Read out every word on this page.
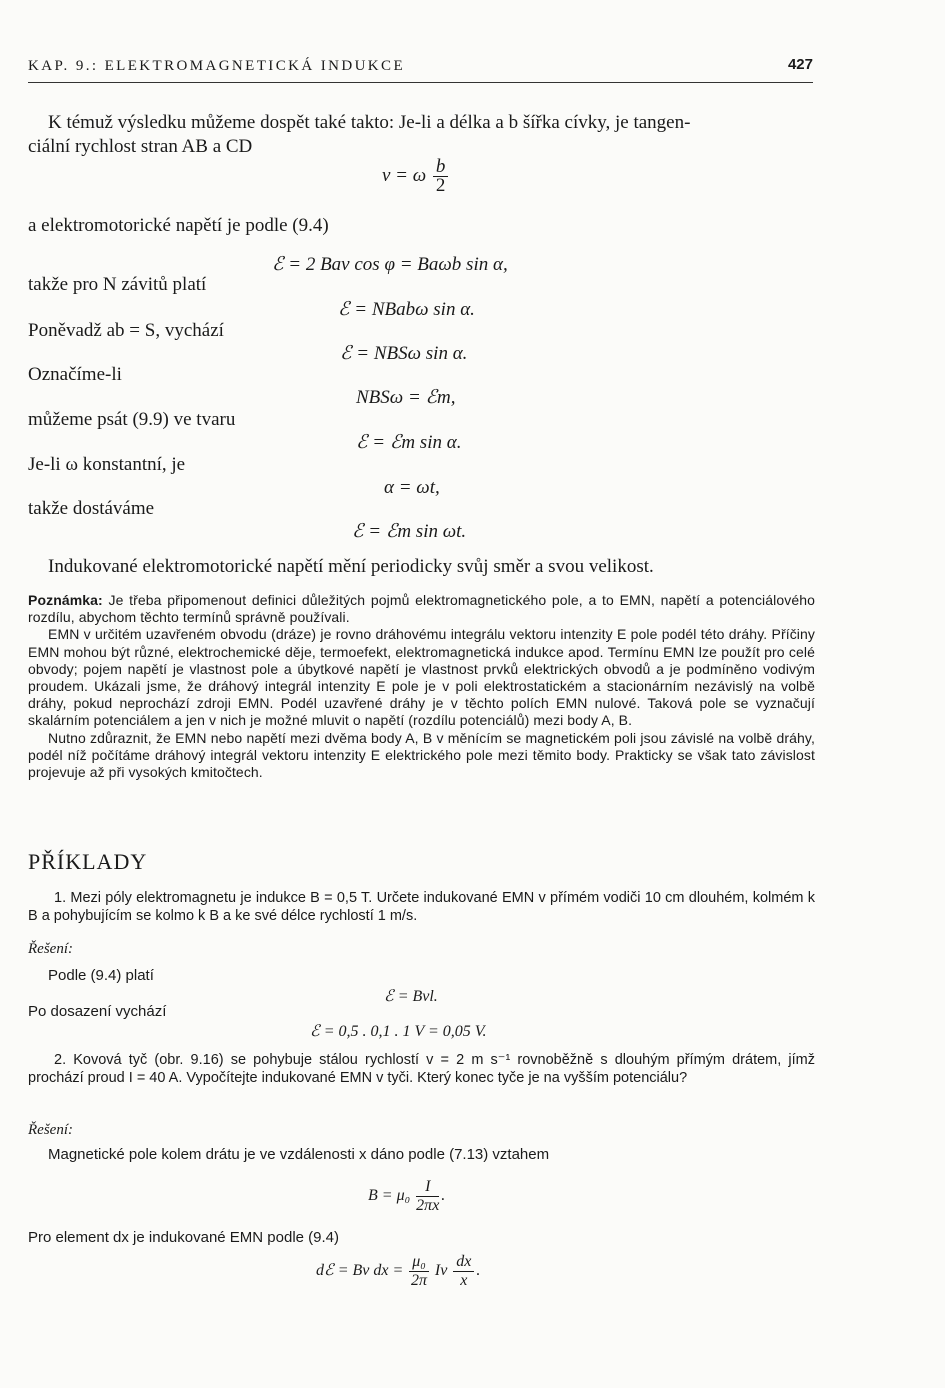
KAP. 9.: ELEKTROMAGNETICKÁ INDUKCE	427
K témuž výsledku můžeme dospět také takto: Je-li a délka a b šířka cívky, je tangen-
ciální rychlost stran AB a CD
v = ω $\frac{b}{2}$
a elektromotorické napětí je podle (9.4)
ℰ = 2 Bav cos φ = Baωb sin α,
takže pro N závitů platí
ℰ = NBabω sin α.
Poněvadž ab = S, vychází
ℰ = NBSω sin α.
Označíme-li
NBSω = ℰm,
můžeme psát (9.9) ve tvaru
ℰ = ℰm sin α.
Je-li ω konstantní, je
α = ωt,
takže dostáváme
ℰ = ℰm sin ωt.
Indukované elektromotorické napětí mění periodicky svůj směr a svou velikost.

Poznámka: Je třeba připomenout definici důležitých pojmů elektromagnetického pole, a to EMN, napětí a potenciálového rozdílu, abychom těchto termínů správně používali.

EMN v určitém uzavřeném obvodu (dráze) je rovno dráhovému integrálu vektoru intenzity E pole podél této dráhy. Příčiny EMN mohou být různé, elektrochemické děje, termoefekt, elektromagnetická indukce apod. Termínu EMN lze použít pro celé obvody; pojem napětí je vlastnost pole a úbytkové napětí je vlastnost prvků elektrických obvodů a je podmíněno vodivým proudem. Ukázali jsme, že dráhový integrál intenzity E pole je v poli elektrostatickém a stacionárním nezávislý na volbě dráhy, pokud neprochází zdroji EMN. Podél uzavřené dráhy je v těchto polích EMN nulové. Taková pole se vyznačují skalárním potenciálem a jen v nich je možné mluvit o napětí (rozdílu potenciálů) mezi body A, B.

Nutno zdůraznit, že EMN nebo napětí mezi dvěma body A, B v měnícím se magnetickém poli jsou závislé na volbě dráhy, podél níž počítáme dráhový integrál vektoru intenzity E elektrického pole mezi těmito body. Prakticky se však tato závislost projevuje až při vysokých kmitočtech.

PŘÍKLADY

1. Mezi póly elektromagnetu je indukce B = 0,5 T. Určete indukované EMN v přímém vodiči 10 cm dlouhém, kolmém k B a pohybujícím se kolmo k B a ke své délce rychlostí 1 m/s.

Řešení:
Podle (9.4) platí
ℰ = Bvl.
Po dosazení vychází
ℰ = 0,5 . 0,1 . 1 V = 0,05 V.

2. Kovová tyč (obr. 9.16) se pohybuje stálou rychlostí v = 2 m s⁻¹ rovnoběžně s dlouhým přímým drátem, jímž prochází proud I = 40 A. Vypočítejte indukované EMN v tyči. Který konec tyče je na vyšším potenciálu?

Řešení:
Magnetické pole kolem drátu je ve vzdálenosti x dáno podle (7.13) vztahem
$B = \mu_0 \frac{I}{2\pi x}$ .
Pro element dx je indukované EMN podle (9.4)
dℰ = Bv dx = $\frac{\text{μ₀}}{2\pi}$ Iv $\frac{dx}{x}$ .
